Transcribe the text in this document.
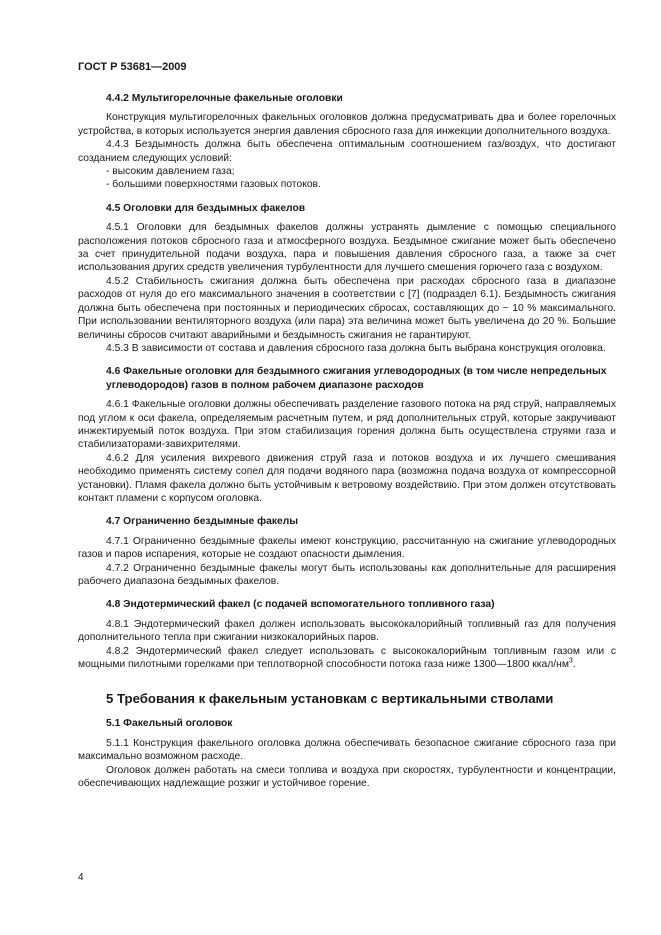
ГОСТ Р 53681—2009
4.4.2 Мультигорелочные факельные оголовки

Конструкция мультигорелочных факельных оголовков должна предусматривать два и более горелочных устройства, в которых используется энергия давления сбросного газа для инжекции дополнительного воздуха.

4.4.3 Бездымность должна быть обеспечена оптимальным соотношением газ/воздух, что достигают созданием следующих условий:

- высоким давлением газа;

- большими поверхностями газовых потоков.

4.5 Оголовки для бездымных факелов

4.5.1 Оголовки для бездымных факелов должны устранять дымление с помощью специального расположения потоков сбросного газа и атмосферного воздуха. Бездымное сжигание может быть обеспечено за счет принудительной подачи воздуха, пара и повышения давления сбросного газа, а также за счет использования других средств увеличения турбулентности для лучшего смешения горючего газа с воздухом.

4.5.2 Стабильность сжигания должна быть обеспечена при расходах сбросного газа в диапазоне расходов от нуля до его максимального значения в соответствии с [7] (подраздел 6.1). Бездымность сжигания должна быть обеспечена при постоянных и периодических сбросах, составляющих до ~ 10 % максимального. При использовании вентиляторного воздуха (или пара) эта величина может быть увеличена до 20 %. Большие величины сбросов считают аварийными и бездымность сжигания не гарантируют.

4.5.3 В зависимости от состава и давления сбросного газа должна быть выбрана конструкция оголовка.

4.6 Факельные оголовки для бездымного сжигания углеводородных (в том числе непредельных углеводородов) газов в полном рабочем диапазоне расходов

4.6.1 Факельные оголовки должны обеспечивать разделение газового потока на ряд струй, направляемых под углом к оси факела, определяемым расчетным путем, и ряд дополнительных струй, которые закручивают инжектируемый поток воздуха. При этом стабилизация горения должна быть осуществлена струями газа и стабилизаторами-завихрителями.

4.6.2 Для усиления вихревого движения струй газа и потоков воздуха и их лучшего смешивания необходимо применять систему сопел для подачи водяного пара (возможна подача воздуха от компрессорной установки). Пламя факела должно быть устойчивым к ветровому воздействию. При этом должен отсутствовать контакт пламени с корпусом оголовка.

4.7 Ограниченно бездымные факелы

4.7.1 Ограниченно бездымные факелы имеют конструкцию, рассчитанную на сжигание углеводородных газов и паров испарения, которые не создают опасности дымления.

4.7.2 Ограниченно бездымные факелы могут быть использованы как дополнительные для расширения рабочего диапазона бездымных факелов.

4.8 Эндотермический факел (с подачей вспомогательного топливного газа)

4.8.1 Эндотермический факел должен использовать высококалорийный топливный газ для получения дополнительного тепла при сжигании низкокалорийных паров.

4.8.2 Эндотермический факел следует использовать с высококалорийным топливным газом или с мощными пилотными горелками при теплотворной способности потока газа ниже 1300—1800 ккал/$нм^3$.

5 Требования к факельным установкам с вертикальными стволами
5.1 Факельный оголовок

5.1.1 Конструкция факельного оголовка должна обеспечивать безопасное сжигание сбросного газа при максимально возможном расходе.

Оголовок должен работать на смеси топлива и воздуха при скоростях, турбулентности и концентрации, обеспечивающих надлежащие розжиг и устойчивое горение.

4
